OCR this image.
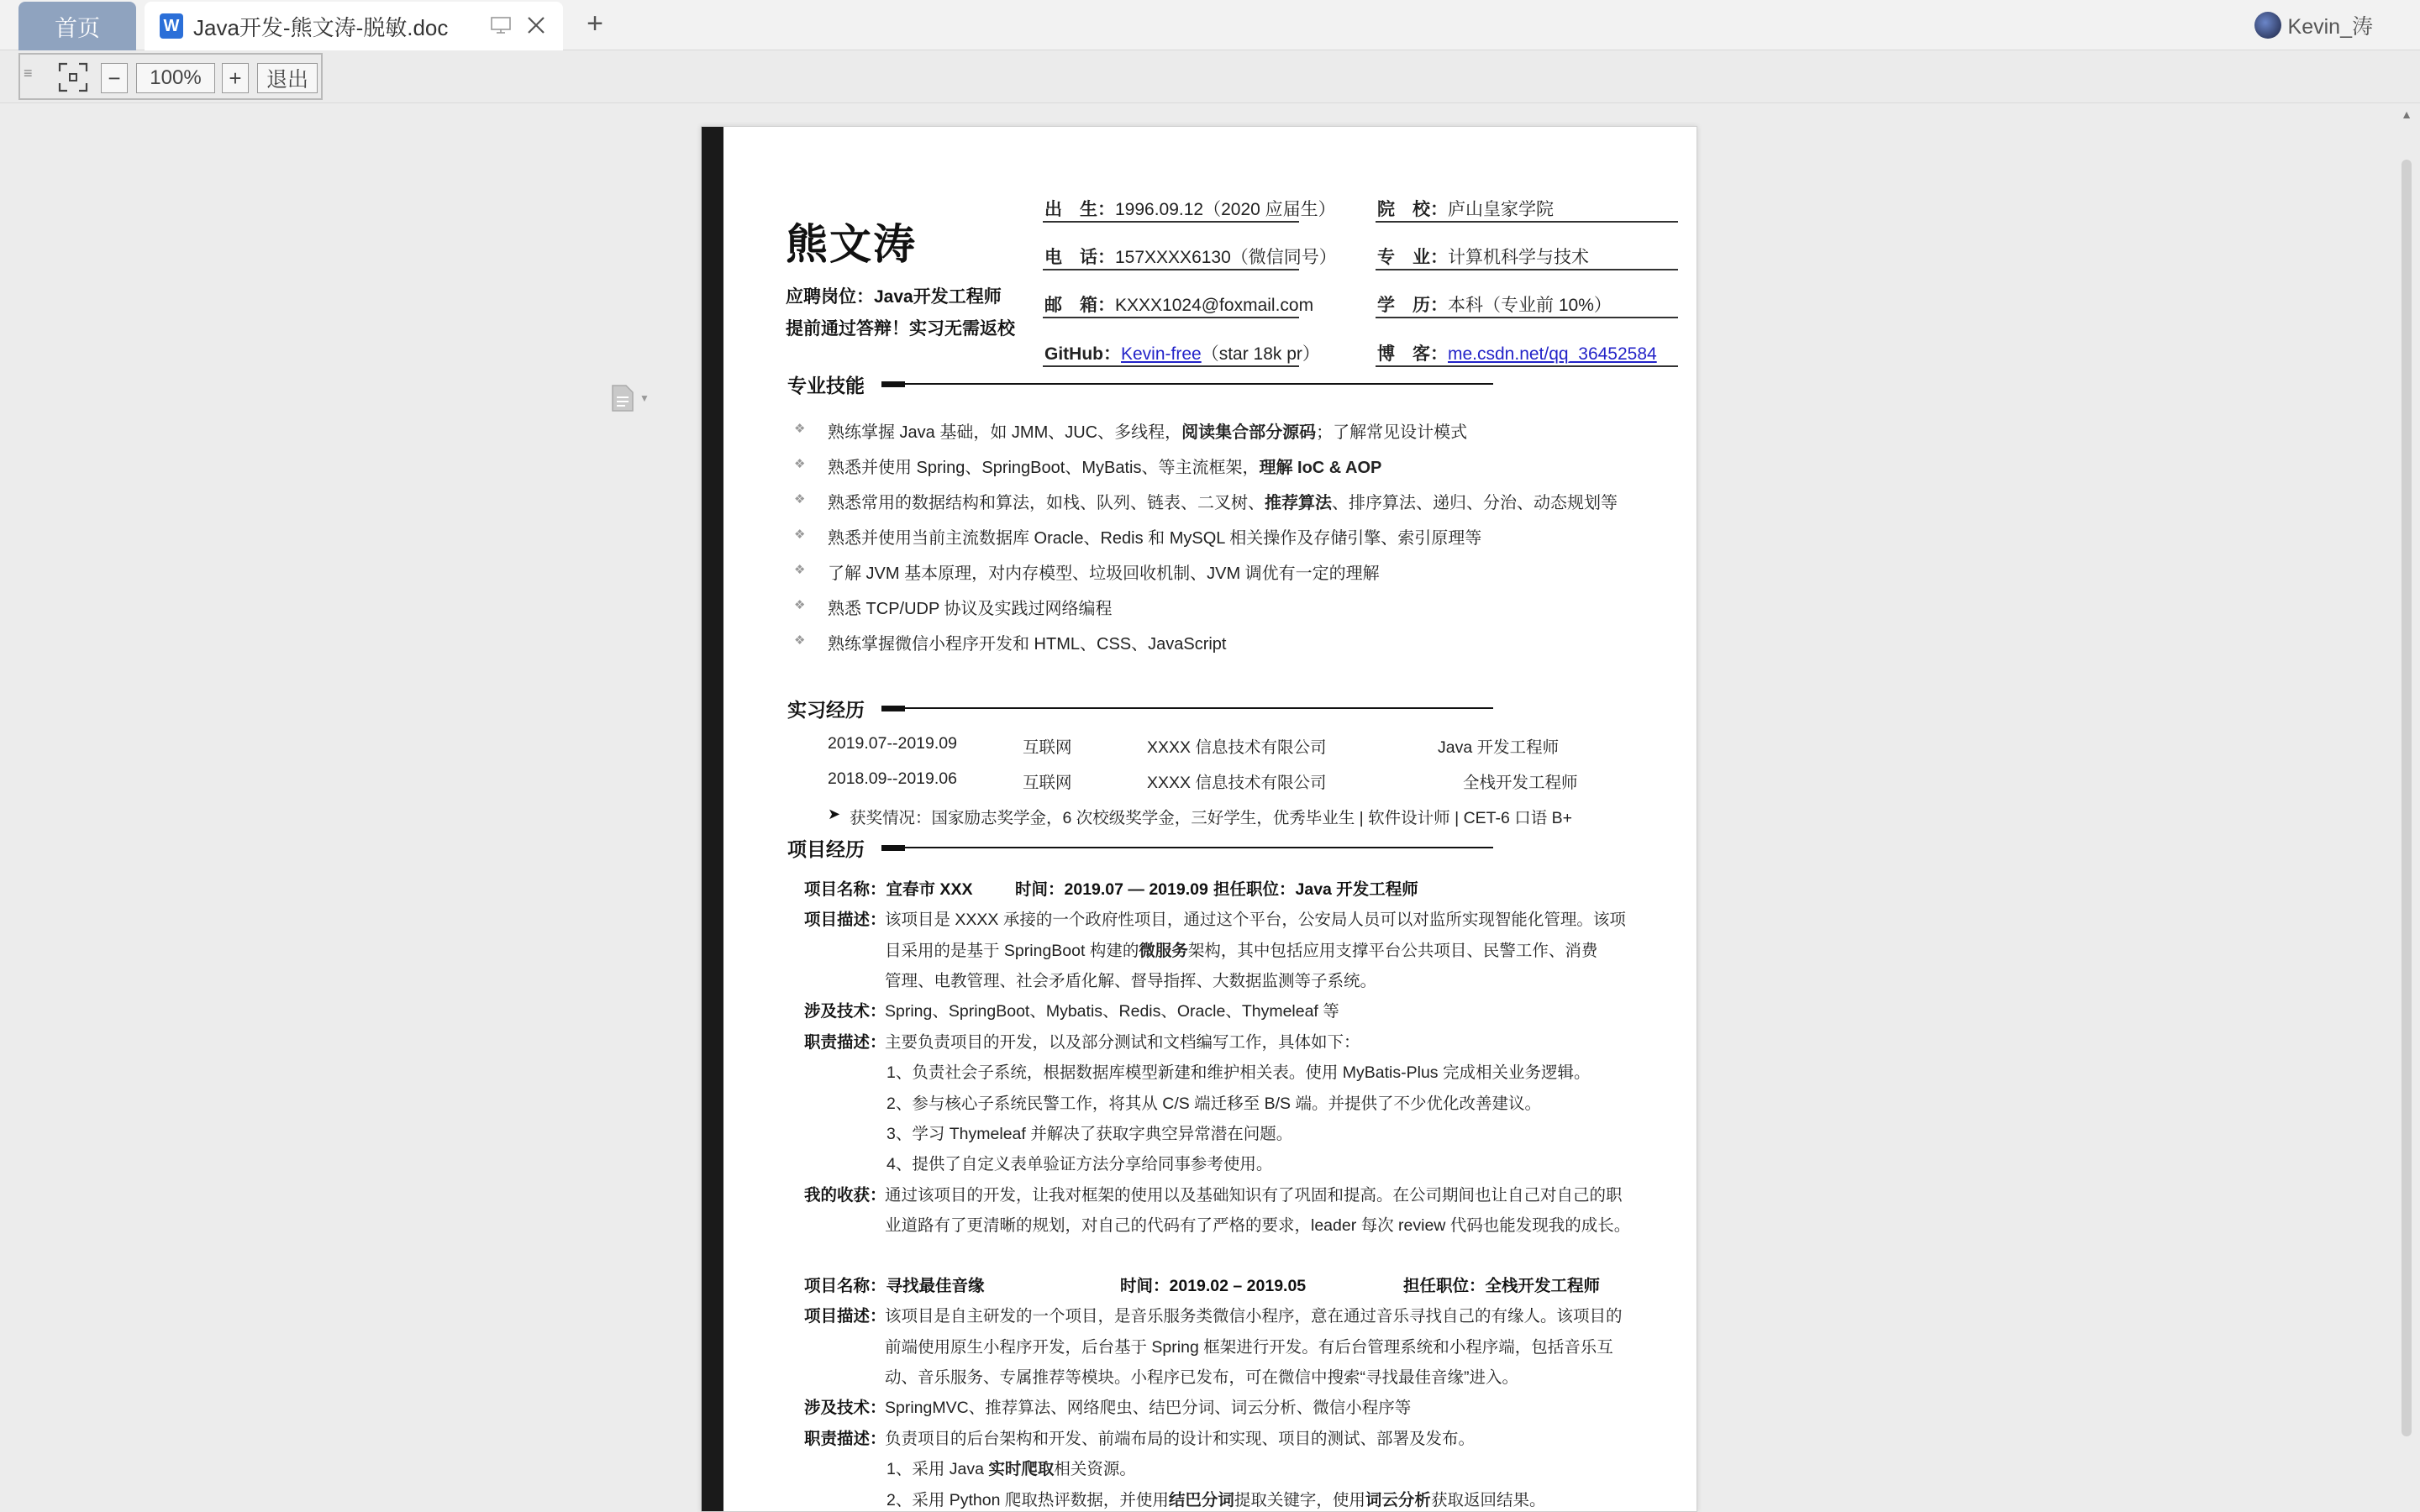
首页	W Java开发-熊文涛-脱敏.doc	+	Kevin_涛
≡	−	100%	+	退出
▼
▲
熊文涛
应聘岗位：Java开发工程师
提前通过答辩！实习无需返校
出　生：1996.09.12（2020 应届生）
电　话：157XXXX6130（微信同号）
邮　箱：KXXX1024@foxmail.com
GitHub：Kevin-free（star 18k pr）
院　校：庐山皇家学院
专　业：计算机科学与技术
学　历：本科（专业前 10%）
博　客：me.csdn.net/qq_36452584
专业技能
❖ 熟练掌握 Java 基础，如 JMM、JUC、多线程，阅读集合部分源码；了解常见设计模式
❖ 熟悉并使用 Spring、SpringBoot、MyBatis、等主流框架，理解 IoC & AOP
❖ 熟悉常用的数据结构和算法，如栈、队列、链表、二叉树、推荐算法、排序算法、递归、分治、动态规划等
❖ 熟悉并使用当前主流数据库 Oracle、Redis 和 MySQL 相关操作及存储引擎、索引原理等
❖ 了解 JVM 基本原理，对内存模型、垃圾回收机制、JVM 调优有一定的理解
❖ 熟悉 TCP/UDP 协议及实践过网络编程
❖ 熟练掌握微信小程序开发和 HTML、CSS、JavaScript
实习经历
2019.07--2019.09	互联网	XXXX 信息技术有限公司	Java 开发工程师
2018.09--2019.06	互联网	XXXX 信息技术有限公司	全栈开发工程师
➤ 获奖情况：国家励志奖学金，6 次校级奖学金，三好学生，优秀毕业生 | 软件设计师 | CET-6 口语 B+
项目经历
项目名称：宜春市 XXX	时间：2019.07 — 2019.09 担任职位：Java 开发工程师
项目描述：
该项目是 XXXX 承接的一个政府性项目，通过这个平台，公安局人员可以对监所实现智能化管理。该项
目采用的是基于 SpringBoot 构建的微服务架构，其中包括应用支撑平台公共项目、民警工作、消费
管理、电教管理、社会矛盾化解、督导指挥、大数据监测等子系统。
涉及技术：
Spring、SpringBoot、Mybatis、Redis、Oracle、Thymeleaf 等
职责描述：
主要负责项目的开发，以及部分测试和文档编写工作，具体如下：
1、负责社会子系统，根据数据库模型新建和维护相关表。使用 MyBatis-Plus 完成相关业务逻辑。
2、参与核心子系统民警工作，将其从 C/S 端迁移至 B/S 端。并提供了不少优化改善建议。
3、学习 Thymeleaf 并解决了获取字典空异常潜在问题。
4、提供了自定义表单验证方法分享给同事参考使用。
我的收获：
通过该项目的开发，让我对框架的使用以及基础知识有了巩固和提高。在公司期间也让自己对自己的职
业道路有了更清晰的规划，对自己的代码有了严格的要求，leader 每次 review 代码也能发现我的成长。
项目名称：寻找最佳音缘	时间：2019.02 – 2019.05	担任职位：全栈开发工程师
项目描述：
该项目是自主研发的一个项目，是音乐服务类微信小程序，意在通过音乐寻找自己的有缘人。该项目的
前端使用原生小程序开发，后台基于 Spring 框架进行开发。有后台管理系统和小程序端，包括音乐互
动、音乐服务、专属推荐等模块。小程序已发布，可在微信中搜索“寻找最佳音缘”进入。
涉及技术：
SpringMVC、推荐算法、网络爬虫、结巴分词、词云分析、微信小程序等
职责描述：
负责项目的后台架构和开发、前端布局的设计和实现、项目的测试、部署及发布。
1、采用 Java 实时爬取相关资源。
2、采用 Python 爬取热评数据，并使用结巴分词提取关键字，使用词云分析获取返回结果。
